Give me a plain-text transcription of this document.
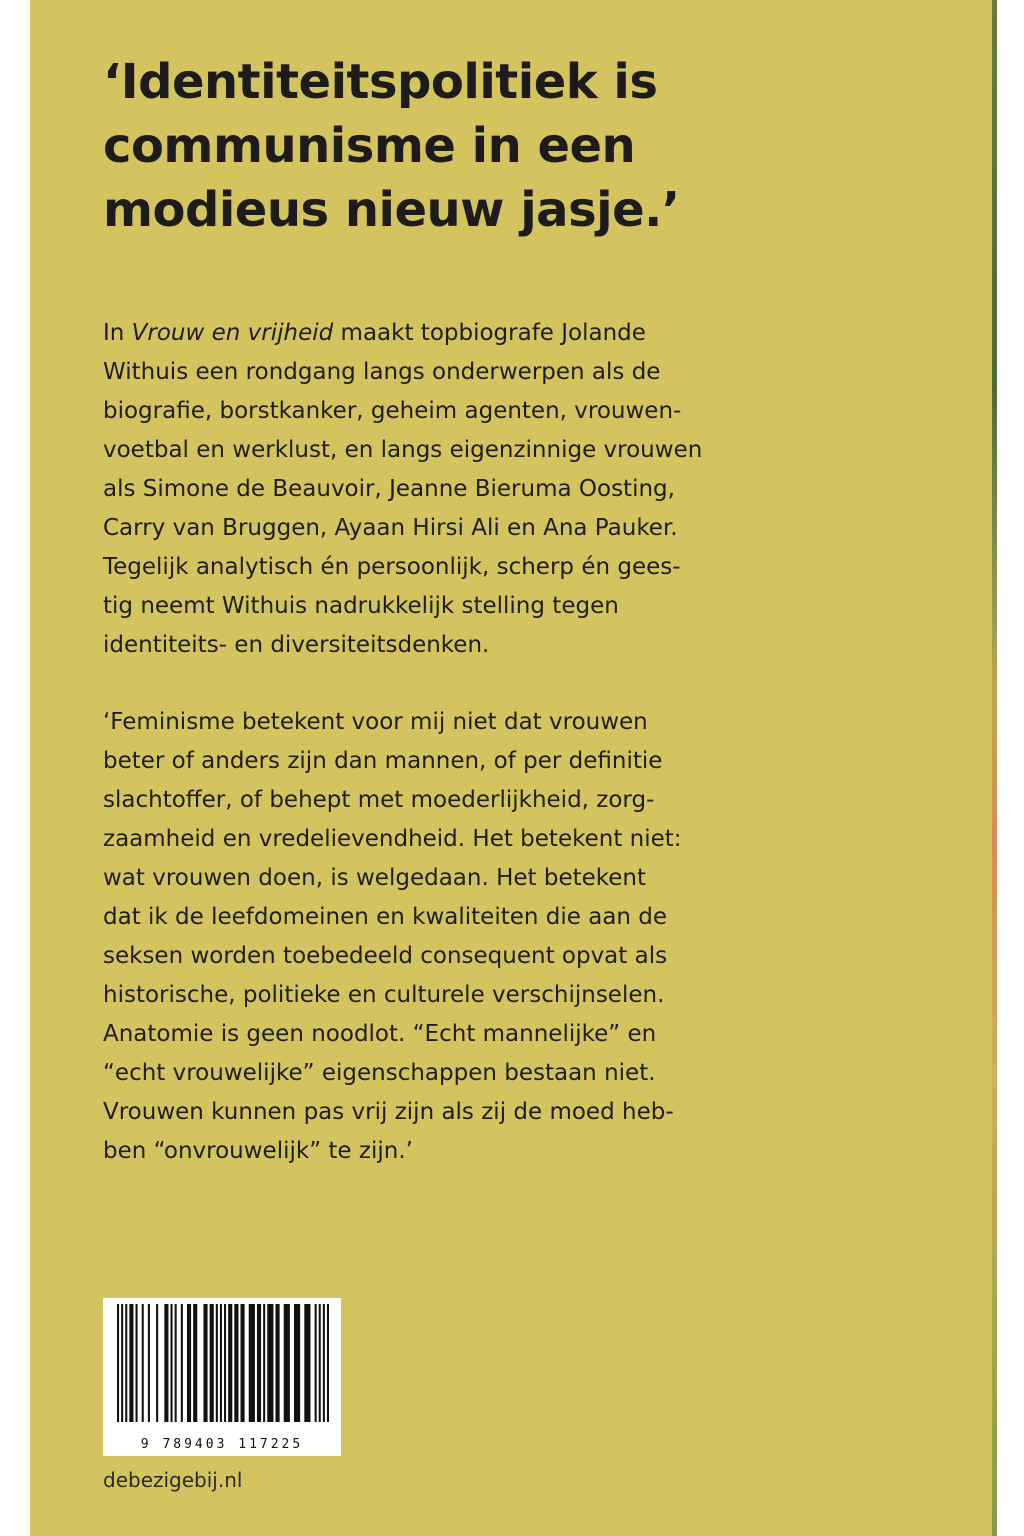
‘Identiteitspolitiek is
communisme in een
modieus nieuw jasje.’
In Vrouw en vrijheid maakt topbiografe Jolande
Withuis een rondgang langs onderwerpen als de
biografie, borstkanker, geheim agenten, vrouwen-
voetbal en werklust, en langs eigenzinnige vrouwen
als Simone de Beauvoir, Jeanne Bieruma Oosting,
Carry van Bruggen, Ayaan Hirsi Ali en Ana Pauker.
Tegelijk analytisch én persoonlijk, scherp én gees-
tig neemt Withuis nadrukkelijk stelling tegen
identiteits- en diversiteitsdenken.
‘Feminisme betekent voor mij niet dat vrouwen
beter of anders zijn dan mannen, of per definitie
slachtoffer, of behept met moederlijkheid, zorg-
zaamheid en vredelievendheid. Het betekent niet:
wat vrouwen doen, is welgedaan. Het betekent
dat ik de leefdomeinen en kwaliteiten die aan de
seksen worden toebedeeld consequent opvat als
historische, politieke en culturele verschijnselen.
Anatomie is geen noodlot. “Echt mannelijke” en
“echt vrouwelijke” eigenschappen bestaan niet.
Vrouwen kunnen pas vrij zijn als zij de moed heb-
ben “onvrouwelijk” te zijn.’
9 789403 117225

debezigebij.nl
